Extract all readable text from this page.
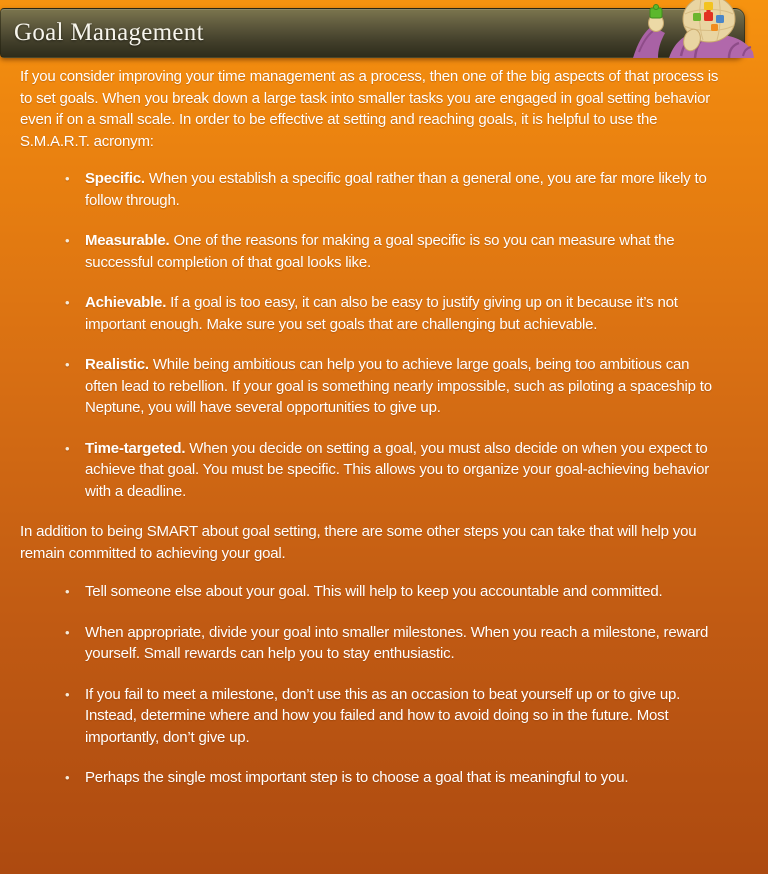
Goal Management

If you consider improving your time management as a process, then one of the big aspects of that process is to set goals. When you break down a large task into smaller tasks you are engaged in goal setting behavior even if on a small scale. In order to be effective at setting and reaching goals, it is helpful to use the S.M.A.R.T. acronym:

•	Specific. When you establish a specific goal rather than a general one, you are far more likely to follow through.
•	Measurable. One of the reasons for making a goal specific is so you can measure what the successful completion of that goal looks like.
•	Achievable. If a goal is too easy, it can also be easy to justify giving up on it because it’s not important enough. Make sure you set goals that are challenging but achievable.
•	Realistic. While being ambitious can help you to achieve large goals, being too ambitious can often lead to rebellion. If your goal is something nearly impossible, such as piloting a spaceship to Neptune, you will have several opportunities to give up.
•	Time-targeted. When you decide on setting a goal, you must also decide on when you expect to achieve that goal. You must be specific. This allows you to organize your goal-achieving behavior with a deadline.

In addition to being SMART about goal setting, there are some other steps you can take that will help you remain committed to achieving your goal.

•	Tell someone else about your goal. This will help to keep you accountable and committed.
•	When appropriate, divide your goal into smaller milestones. When you reach a milestone, reward yourself. Small rewards can help you to stay enthusiastic.
•	If you fail to meet a milestone, don’t use this as an occasion to beat yourself up or to give up. Instead, determine where and how you failed and how to avoid doing so in the future. Most importantly, don’t give up.
•	Perhaps the single most important step is to choose a goal that is meaningful to you.
